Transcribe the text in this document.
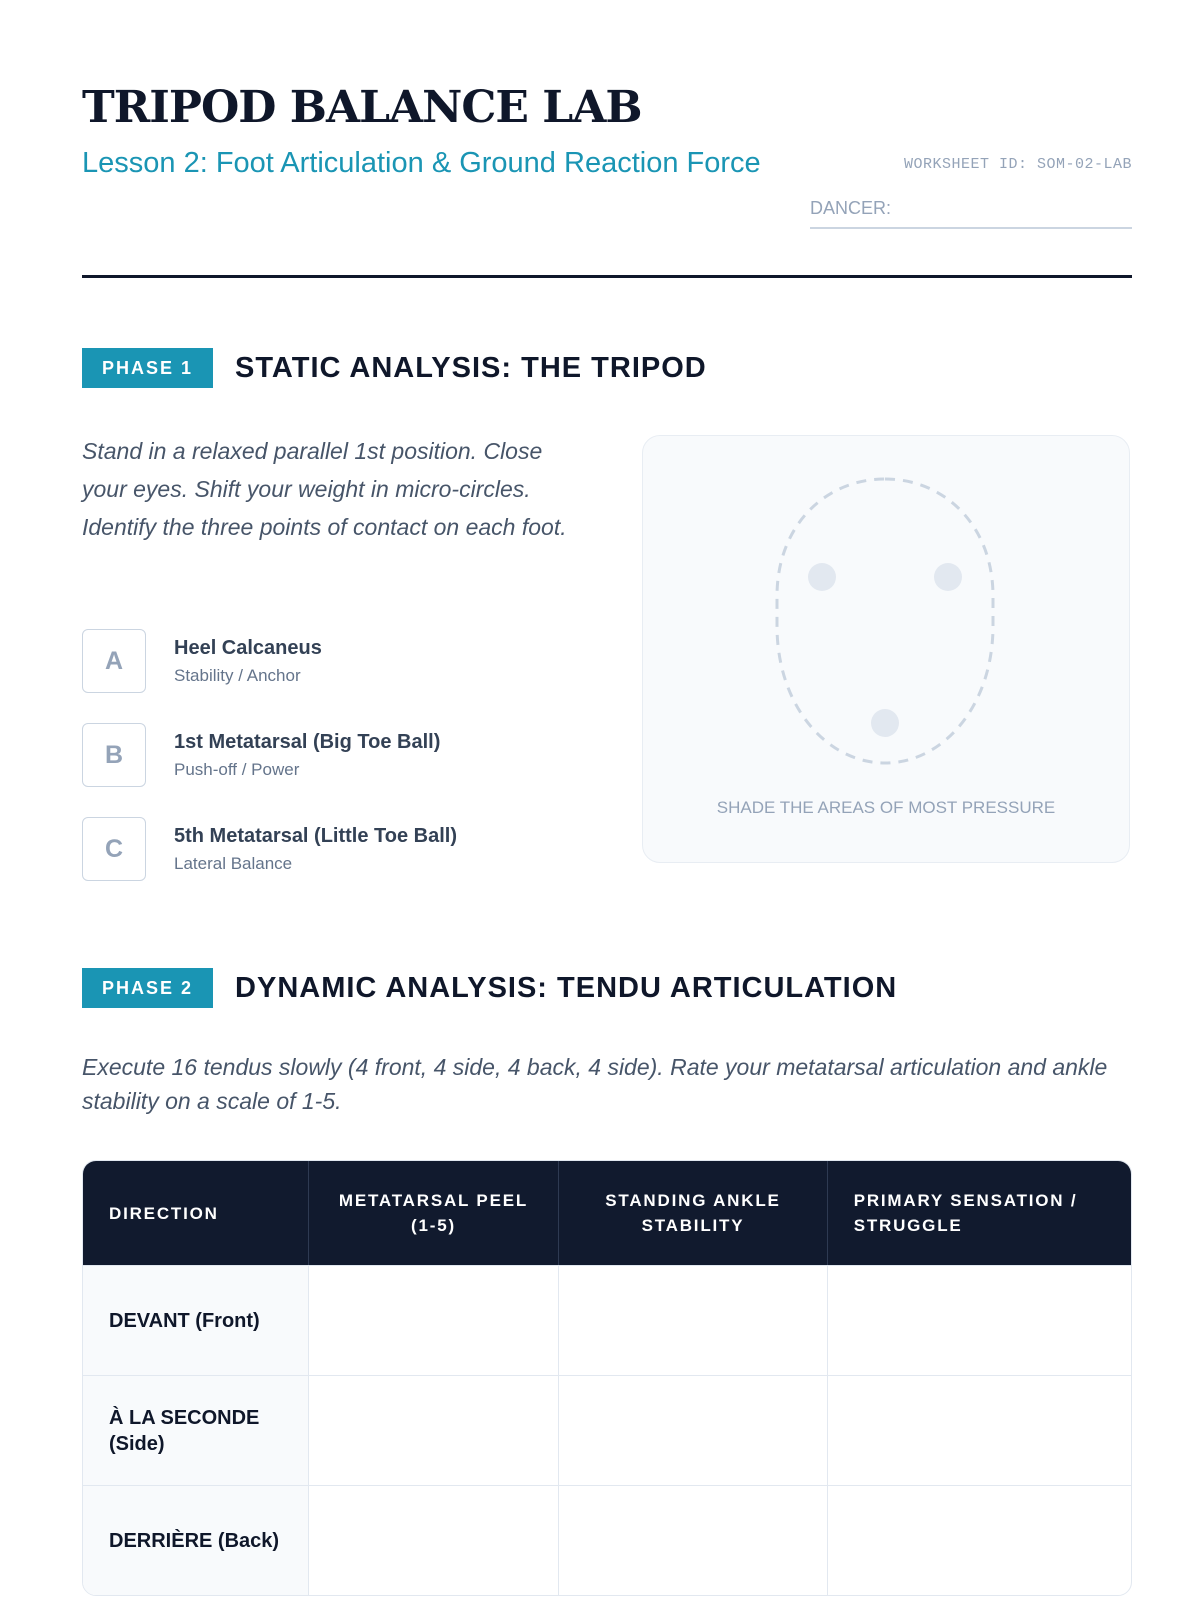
TRIPOD BALANCE LAB

Lesson 2: Foot Articulation & Ground Reaction Force	WORKSHEET ID: SOM-02-LAB
DANCER:
PHASE 1	STATIC ANALYSIS: THE TRIPOD

Stand in a relaxed parallel 1st position. Close your eyes. Shift your weight in micro-circles. Identify the three points of contact on each foot.

A	Heel Calcaneus
Stability / Anchor
B	1st Metatarsal (Big Toe Ball)
Push-off / Power
C	5th Metatarsal (Little Toe Ball)
Lateral Balance
SHADE THE AREAS OF MOST PRESSURE
PHASE 2	DYNAMIC ANALYSIS: TENDU ARTICULATION

Execute 16 tendus slowly (4 front, 4 side, 4 back, 4 side). Rate your metatarsal articulation and ankle stability on a scale of 1-5.

DIRECTION	METATARSAL PEEL (1-5)	STANDING ANKLE STABILITY	PRIMARY SENSATION / STRUGGLE
DEVANT (Front)			
À LA SECONDE (Side)			
DERRIÈRE (Back)			
